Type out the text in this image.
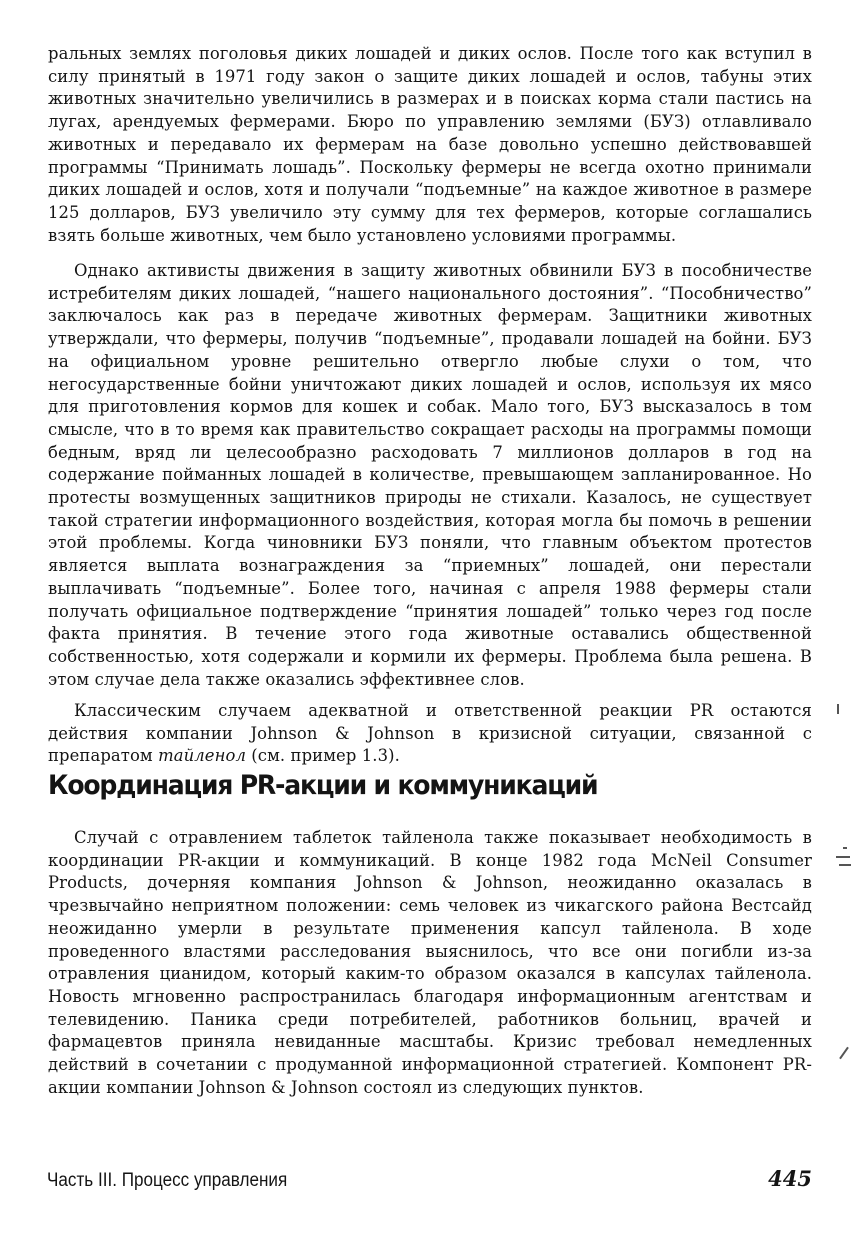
ральных землях поголовья диких лошадей и диких ослов. После того как вступил в силу принятый в 1971 году закон о защите диких лошадей и ослов, табуны этих животных значительно увеличились в размерах и в поисках корма стали пастись на лугах, арендуемых фермерами. Бюро по управлению землями (БУЗ) отлавливало животных и передавало их фермерам на базе довольно успешно действовавшей программы “Принимать лошадь”. Поскольку фермеры не всегда охотно принимали диких лошадей и ослов, хотя и получали “подъемные” на каждое животное в размере 125 долларов, БУЗ увеличило эту сумму для тех фермеров, которые соглашались взять больше животных, чем было установлено условиями программы.

Однако активисты движения в защиту животных обвинили БУЗ в пособничестве истребителям диких лошадей, “нашего национального достояния”. “Пособничество” заключалось как раз в передаче животных фермерам. Защитники животных утверждали, что фермеры, получив “подъемные”, продавали лошадей на бойни. БУЗ на официальном уровне решительно отвергло любые слухи о том, что негосударственные бойни уничтожают диких лошадей и ослов, используя их мясо для приготовления кормов для кошек и собак. Мало того, БУЗ высказалось в том смысле, что в то время как правительство сокращает расходы на программы помощи бедным, вряд ли целесообразно расходовать 7 миллионов долларов в год на содержание пойманных лошадей в количестве, превышающем запланированное. Но протесты возмущенных защитников природы не стихали. Казалось, не существует такой стратегии информационного воздействия, которая могла бы помочь в решении этой проблемы. Когда чиновники БУЗ поняли, что главным объектом протестов является выплата вознаграждения за “приемных” лошадей, они перестали выплачивать “подъемные”. Более того, начиная с апреля 1988 фермеры стали получать официальное подтверждение “принятия лошадей” только через год после факта принятия. В течение этого года животные оставались общественной собственностью, хотя содержали и кормили их фермеры. Проблема была решена. В этом случае дела также оказались эффективнее слов.

Классическим случаем адекватной и ответственной реакции PR остаются действия компании Johnson & Johnson в кризисной ситуации, связанной с препаратом тайленол (см. пример 1.3).

Координация PR-акции и коммуникаций

Случай с отравлением таблеток тайленола также показывает необходимость в координации PR-акции и коммуникаций. В конце 1982 года McNeil Consumer Products, дочерняя компания Johnson & Johnson, неожиданно оказалась в чрезвычайно неприятном положении: семь человек из чикагского района Вестсайд неожиданно умерли в результате применения капсул тайленола. В ходе проведенного властями расследования выяснилось, что все они погибли из-за отравления цианидом, который каким-то образом оказался в капсулах тайленола. Новость мгновенно распространилась благодаря информационным агентствам и телевидению. Паника среди потребителей, работников больниц, врачей и фармацевтов приняла невиданные масштабы. Кризис требовал немедленных действий в сочетании с продуманной информационной стратегией. Компонент PR-акции компании Johnson & Johnson состоял из следующих пунктов.

Часть III. Процесс управления	445
